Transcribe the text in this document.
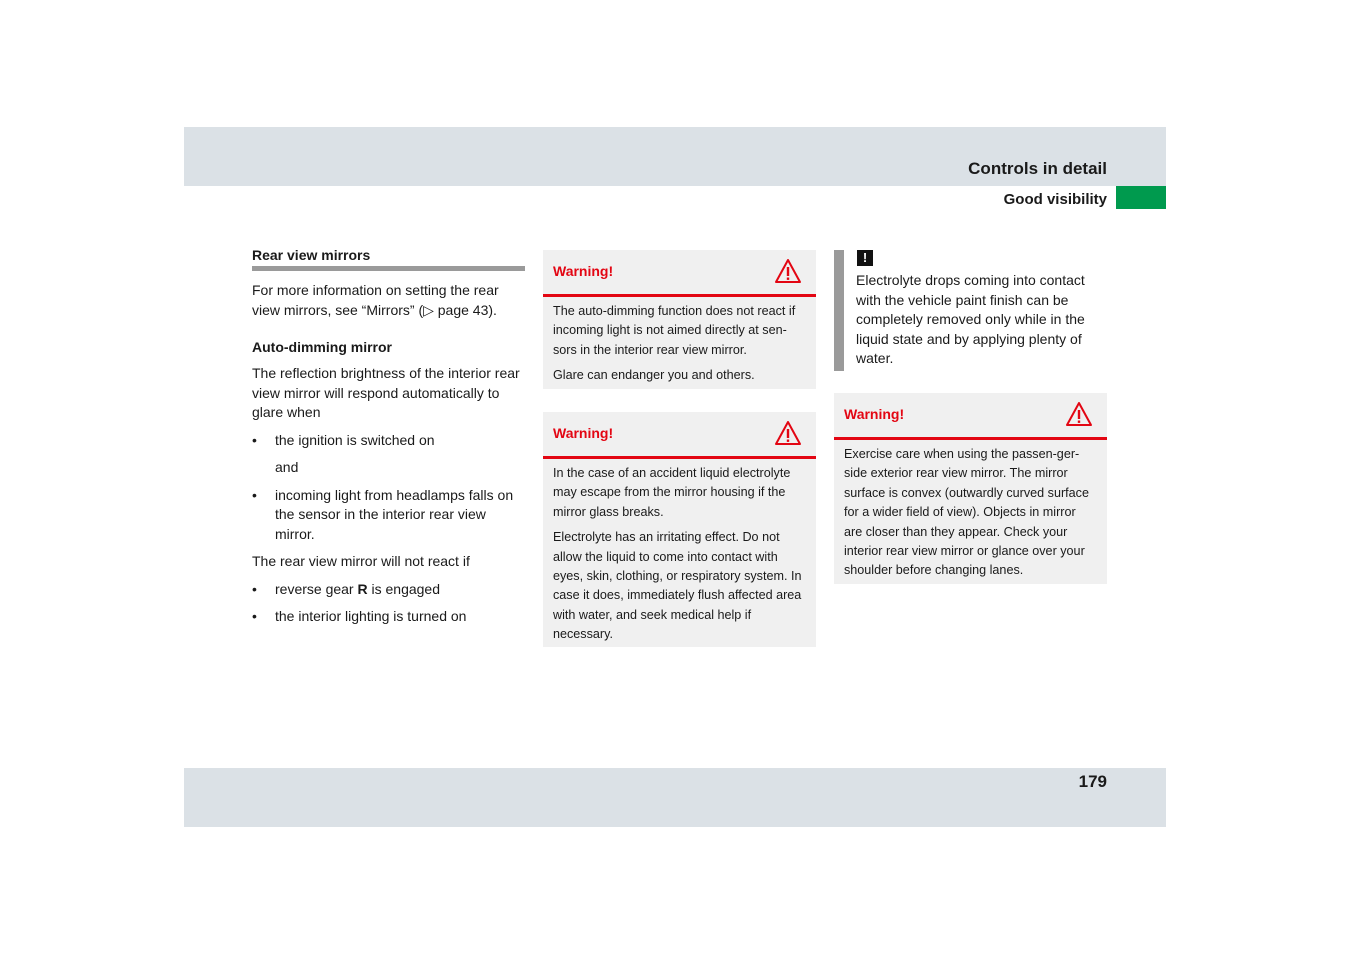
Controls in detail
Good visibility
Rear view mirrors

For more information on setting the rear view mirrors, see “Mirrors” (▷ page 43).

Auto-dimming mirror

The reflection brightness of the interior rear view mirror will respond automatically to glare when

• the ignition is switched on
and
• incoming light from headlamps falls on the sensor in the interior rear view mirror.

The rear view mirror will not react if

• reverse gear R is engaged
• the interior lighting is turned on
Warning!

The auto-dimming function does not react if incoming light is not aimed directly at sen-sors in the interior rear view mirror.

Glare can endanger you and others.

Warning!

In the case of an accident liquid electrolyte may escape from the mirror housing if the mirror glass breaks.

Electrolyte has an irritating effect. Do not allow the liquid to come into contact with eyes, skin, clothing, or respiratory system. In case it does, immediately flush affected area with water, and seek medical help if necessary.

!
Electrolyte drops coming into contact with the vehicle paint finish can be completely removed only while in the liquid state and by applying plenty of water.
Warning!

Exercise care when using the passen-ger-side exterior rear view mirror. The mirror surface is convex (outwardly curved surface for a wider field of view). Objects in mirror are closer than they appear. Check your interior rear view mirror or glance over your shoulder before changing lanes.

179
